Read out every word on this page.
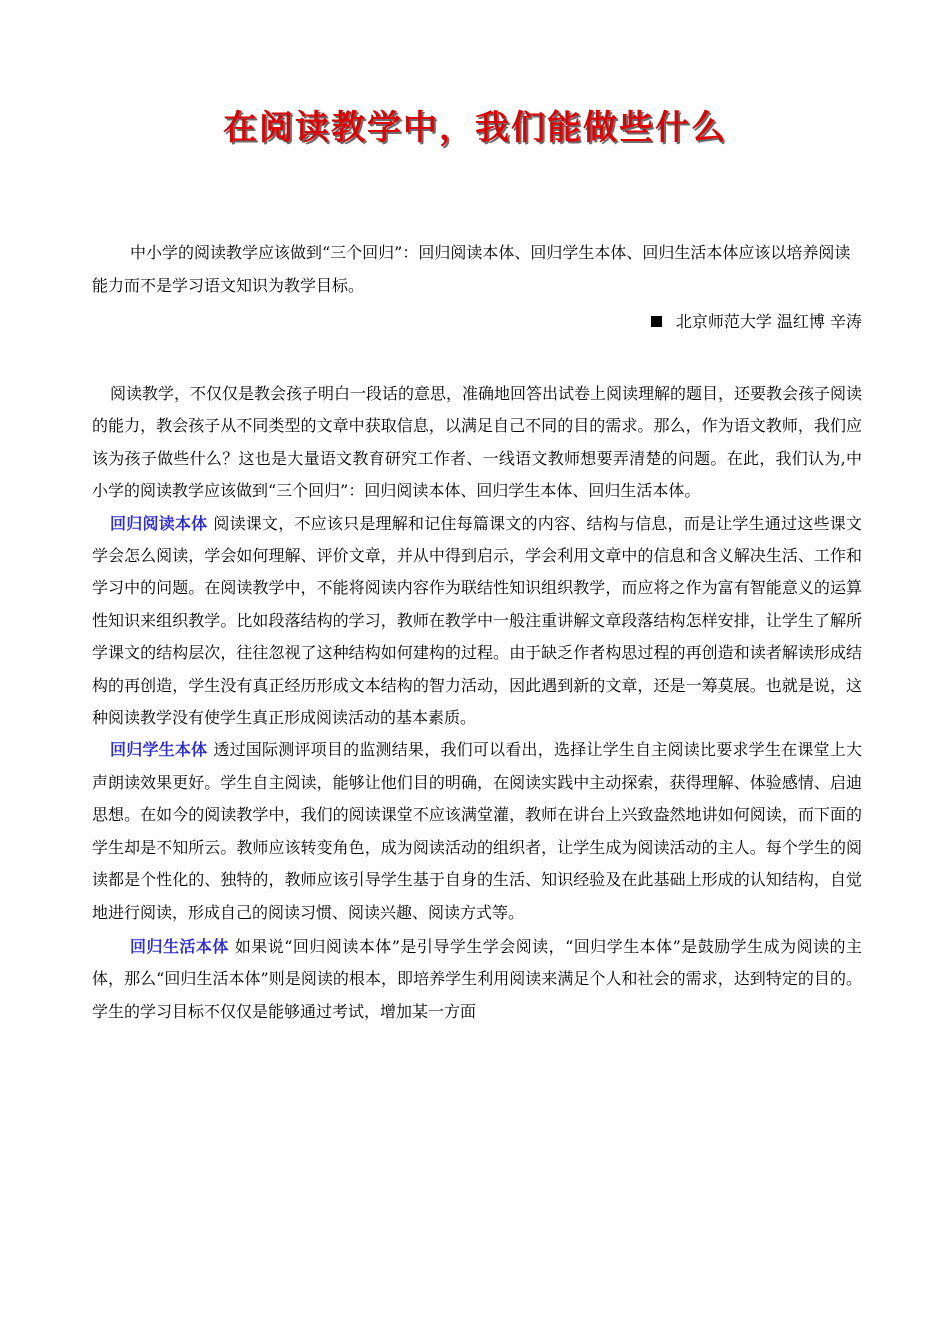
在阅读教学中，我们能做些什么

中小学的阅读教学应该做到“三个回归”：回归阅读本体、回归学生本体、回归生活本体应该以培养阅读能力而不是学习语文知识为教学目标。

北京师范大学 温红博 辛涛

阅读教学，不仅仅是教会孩子明白一段话的意思，准确地回答出试卷上阅读理解的题目，还要教会孩子阅读的能力，教会孩子从不同类型的文章中获取信息，以满足自己不同的目的需求。那么，作为语文教师，我们应该为孩子做些什么？这也是大量语文教育研究工作者、一线语文教师想要弄清楚的问题。在此，我们认为,中小学的阅读教学应该做到“三个回归”：回归阅读本体、回归学生本体、回归生活本体。

回归阅读本体 阅读课文，不应该只是理解和记住每篇课文的内容、结构与信息，而是让学生通过这些课文学会怎么阅读，学会如何理解、评价文章，并从中得到启示，学会利用文章中的信息和含义解决生活、工作和学习中的问题。在阅读教学中，不能将阅读内容作为联结性知识组织教学，而应将之作为富有智能意义的运算性知识来组织教学。比如段落结构的学习，教师在教学中一般注重讲解文章段落结构怎样安排，让学生了解所学课文的结构层次，往往忽视了这种结构如何建构的过程。由于缺乏作者构思过程的再创造和读者解读形成结构的再创造，学生没有真正经历形成文本结构的智力活动，因此遇到新的文章，还是一筹莫展。也就是说，这种阅读教学没有使学生真正形成阅读活动的基本素质。

回归学生本体 透过国际测评项目的监测结果，我们可以看出，选择让学生自主阅读比要求学生在课堂上大声朗读效果更好。学生自主阅读，能够让他们目的明确，在阅读实践中主动探索，获得理解、体验感情、启迪思想。在如今的阅读教学中，我们的阅读课堂不应该满堂灌，教师在讲台上兴致盎然地讲如何阅读，而下面的学生却是不知所云。教师应该转变角色，成为阅读活动的组织者，让学生成为阅读活动的主人。每个学生的阅读都是个性化的、独特的，教师应该引导学生基于自身的生活、知识经验及在此基础上形成的认知结构，自觉地进行阅读，形成自己的阅读习惯、阅读兴趣、阅读方式等。

回归生活本体 如果说“回归阅读本体”是引导学生学会阅读，“回归学生本体”是鼓励学生成为阅读的主体，那么“回归生活本体”则是阅读的根本，即培养学生利用阅读来满足个人和社会的需求，达到特定的目的。学生的学习目标不仅仅是能够通过考试，增加某一方面
